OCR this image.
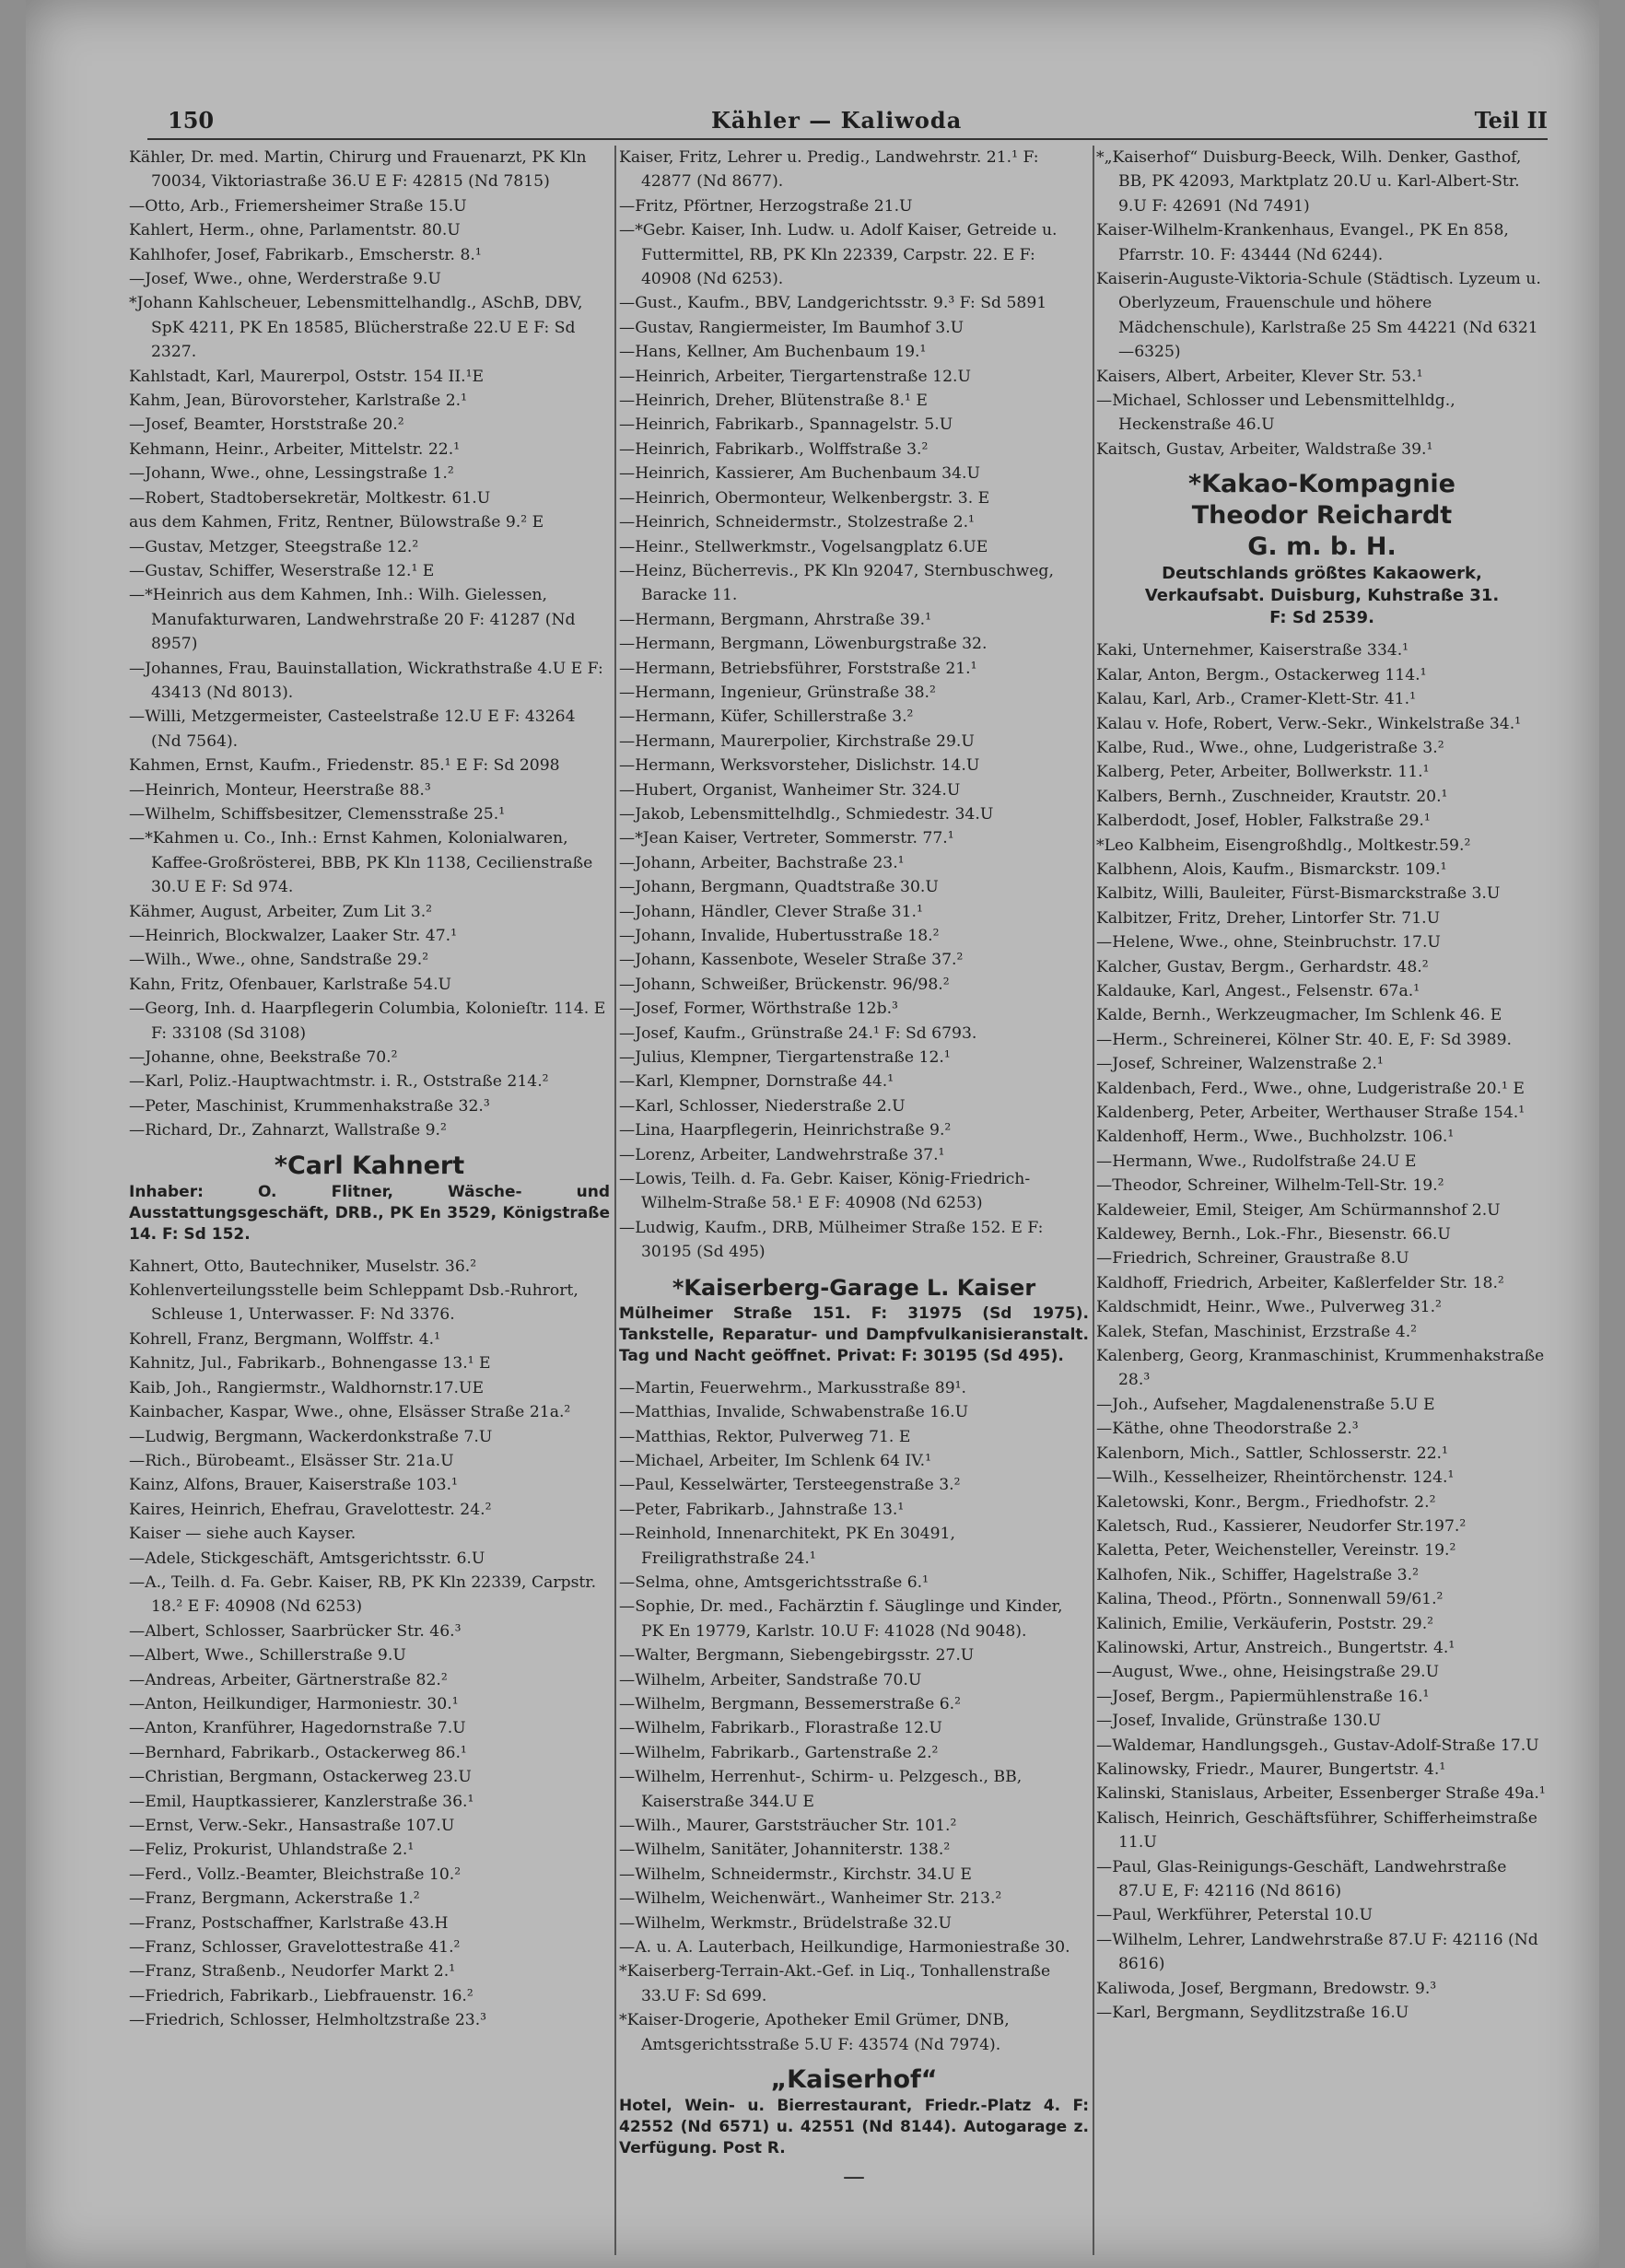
150	Kähler — Kaliwoda	Teil II

Kähler, Dr. med. Martin, Chirurg und Frauenarzt, PK Kln 70034, Viktoriastraße 36.U E F: 42815 (Nd 7815)

—Otto, Arb., Friemersheimer Straße 15.U

Kahlert, Herm., ohne, Parlamentstr. 80.U

Kahlhofer, Josef, Fabrikarb., Emscherstr. 8.¹

—Josef, Wwe., ohne, Werderstraße 9.U

*Johann Kahlscheuer, Lebensmittelhandlg., ASchB, DBV, SpK 4211, PK En 18585, Blücherstraße 22.U E F: Sd 2327.

Kahlstadt, Karl, Maurerpol, Oststr. 154 II.¹E

Kahm, Jean, Bürovorsteher, Karlstraße 2.¹

—Josef, Beamter, Horststraße 20.²

Kehmann, Heinr., Arbeiter, Mittelstr. 22.¹

—Johann, Wwe., ohne, Lessingstraße 1.²

—Robert, Stadtobersekretär, Moltkestr. 61.U

aus dem Kahmen, Fritz, Rentner, Bülowstraße 9.² E

—Gustav, Metzger, Steegstraße 12.²

—Gustav, Schiffer, Weserstraße 12.¹ E

—*Heinrich aus dem Kahmen, Inh.: Wilh. Gielessen, Manufakturwaren, Landwehrstraße 20 F: 41287 (Nd 8957)

—Johannes, Frau, Bauinstallation, Wickrathstraße 4.U E F: 43413 (Nd 8013).

—Willi, Metzgermeister, Casteelstraße 12.U E F: 43264 (Nd 7564).

Kahmen, Ernst, Kaufm., Friedenstr. 85.¹ E F: Sd 2098

—Heinrich, Monteur, Heerstraße 88.³

—Wilhelm, Schiffsbesitzer, Clemensstraße 25.¹

—*Kahmen u. Co., Inh.: Ernst Kahmen, Kolonialwaren, Kaffee-Großrösterei, BBB, PK Kln 1138, Cecilienstraße 30.U E F: Sd 974.

Kähmer, August, Arbeiter, Zum Lit 3.²

—Heinrich, Blockwalzer, Laaker Str. 47.¹

—Wilh., Wwe., ohne, Sandstraße 29.²

Kahn, Fritz, Ofenbauer, Karlstraße 54.U

—Georg, Inh. d. Haarpflegerin Columbia, Kolonieſtr. 114. E F: 33108 (Sd 3108)

—Johanne, ohne, Beekstraße 70.²

—Karl, Poliz.-Hauptwachtmstr. i. R., Oststraße 214.²

—Peter, Maschinist, Krummenhakstraße 32.³

—Richard, Dr., Zahnarzt, Wallstraße 9.²

*Carl Kahnert
Inhaber: O. Flitner, Wäsche- und Ausstattungsgeschäft, DRB., PK En 3529, Königstraße 14. F: Sd 152.

Kahnert, Otto, Bautechniker, Muselstr. 36.²

Kohlenverteilungsstelle beim Schleppamt Dsb.-Ruhrort, Schleuse 1, Unterwasser. F: Nd 3376.

Kohrell, Franz, Bergmann, Wolffstr. 4.¹

Kahnitz, Jul., Fabrikarb., Bohnengasse 13.¹ E

Kaib, Joh., Rangiermstr., Waldhornstr.17.UE

Kainbacher, Kaspar, Wwe., ohne, Elsässer Straße 21a.²

—Ludwig, Bergmann, Wackerdonkstraße 7.U

—Rich., Bürobeamt., Elsässer Str. 21a.U

Kainz, Alfons, Brauer, Kaiserstraße 103.¹

Kaires, Heinrich, Ehefrau, Gravelottestr. 24.²

Kaiser — siehe auch Kayser.

—Adele, Stickgeschäft, Amtsgerichtsstr. 6.U

—A., Teilh. d. Fa. Gebr. Kaiser, RB, PK Kln 22339, Carpstr. 18.² E F: 40908 (Nd 6253)

—Albert, Schlosser, Saarbrücker Str. 46.³

—Albert, Wwe., Schillerstraße 9.U

—Andreas, Arbeiter, Gärtnerstraße 82.²

—Anton, Heilkundiger, Harmoniestr. 30.¹

—Anton, Kranführer, Hagedornstraße 7.U

—Bernhard, Fabrikarb., Ostackerweg 86.¹

—Christian, Bergmann, Ostackerweg 23.U

—Emil, Hauptkassierer, Kanzlerstraße 36.¹

—Ernst, Verw.-Sekr., Hansastraße 107.U

—Feliz, Prokurist, Uhlandstraße 2.¹

—Ferd., Vollz.-Beamter, Bleichstraße 10.²

—Franz, Bergmann, Ackerstraße 1.²

—Franz, Postschaffner, Karlstraße 43.H

—Franz, Schlosser, Gravelottestraße 41.²

—Franz, Straßenb., Neudorfer Markt 2.¹

—Friedrich, Fabrikarb., Liebfrauenstr. 16.²

—Friedrich, Schlosser, Helmholtzstraße 23.³

Kaiser, Fritz, Lehrer u. Predig., Landwehrstr. 21.¹ F: 42877 (Nd 8677).

—Fritz, Pförtner, Herzogstraße 21.U

—*Gebr. Kaiser, Inh. Ludw. u. Adolf Kaiser, Getreide u. Futtermittel, RB, PK Kln 22339, Carpstr. 22. E F: 40908 (Nd 6253).

—Gust., Kaufm., BBV, Landgerichtsstr. 9.³ F: Sd 5891

—Gustav, Rangiermeister, Im Baumhof 3.U

—Hans, Kellner, Am Buchenbaum 19.¹

—Heinrich, Arbeiter, Tiergartenstraße 12.U

—Heinrich, Dreher, Blütenstraße 8.¹ E

—Heinrich, Fabrikarb., Spannagelstr. 5.U

—Heinrich, Fabrikarb., Wolffstraße 3.²

—Heinrich, Kassierer, Am Buchenbaum 34.U

—Heinrich, Obermonteur, Welkenbergstr. 3. E

—Heinrich, Schneidermstr., Stolzestraße 2.¹

—Heinr., Stellwerkmstr., Vogelsangplatz 6.UE

—Heinz, Bücherrevis., PK Kln 92047, Sternbuschweg, Baracke 11.

—Hermann, Bergmann, Ahrstraße 39.¹

—Hermann, Bergmann, Löwenburgstraße 32.

—Hermann, Betriebsführer, Forststraße 21.¹

—Hermann, Ingenieur, Grünstraße 38.²

—Hermann, Küfer, Schillerstraße 3.²

—Hermann, Maurerpolier, Kirchstraße 29.U

—Hermann, Werksvorsteher, Dislichstr. 14.U

—Hubert, Organist, Wanheimer Str. 324.U

—Jakob, Lebensmittelhdlg., Schmiedestr. 34.U

—*Jean Kaiser, Vertreter, Sommerstr. 77.¹

—Johann, Arbeiter, Bachstraße 23.¹

—Johann, Bergmann, Quadtstraße 30.U

—Johann, Händler, Clever Straße 31.¹

—Johann, Invalide, Hubertusstraße 18.²

—Johann, Kassenbote, Weseler Straße 37.²

—Johann, Schweißer, Brückenstr. 96/98.²

—Josef, Former, Wörthstraße 12b.³

—Josef, Kaufm., Grünstraße 24.¹ F: Sd 6793.

—Julius, Klempner, Tiergartenstraße 12.¹

—Karl, Klempner, Dornstraße 44.¹

—Karl, Schlosser, Niederstraße 2.U

—Lina, Haarpflegerin, Heinrichstraße 9.²

—Lorenz, Arbeiter, Landwehrstraße 37.¹

—Lowis, Teilh. d. Fa. Gebr. Kaiser, König-Friedrich-Wilhelm-Straße 58.¹ E F: 40908 (Nd 6253)

—Ludwig, Kaufm., DRB, Mülheimer Straße 152. E F: 30195 (Sd 495)

*Kaiserberg-Garage L. Kaiser
Mülheimer Straße 151. F: 31975 (Sd 1975). Tankstelle, Reparatur- und Dampfvulkanisieranstalt. Tag und Nacht geöffnet. Privat: F: 30195 (Sd 495).

—Martin, Feuerwehrm., Markusstraße 89¹.

—Matthias, Invalide, Schwabenstraße 16.U

—Matthias, Rektor, Pulverweg 71. E

—Michael, Arbeiter, Im Schlenk 64 IV.¹

—Paul, Kesselwärter, Tersteegenstraße 3.²

—Peter, Fabrikarb., Jahnstraße 13.¹

—Reinhold, Innenarchitekt, PK En 30491, Freiligrathstraße 24.¹

—Selma, ohne, Amtsgerichtsstraße 6.¹

—Sophie, Dr. med., Fachärztin f. Säuglinge und Kinder, PK En 19779, Karlstr. 10.U F: 41028 (Nd 9048).

—Walter, Bergmann, Siebengebirgsstr. 27.U

—Wilhelm, Arbeiter, Sandstraße 70.U

—Wilhelm, Bergmann, Bessemerstraße 6.²

—Wilhelm, Fabrikarb., Florastraße 12.U

—Wilhelm, Fabrikarb., Gartenstraße 2.²

—Wilhelm, Herrenhut-, Schirm- u. Pelzgesch., BB, Kaiserstraße 344.U E

—Wilh., Maurer, Garststräucher Str. 101.²

—Wilhelm, Sanitäter, Johanniterstr. 138.²

—Wilhelm, Schneidermstr., Kirchstr. 34.U E

—Wilhelm, Weichenwärt., Wanheimer Str. 213.²

—Wilhelm, Werkmstr., Brüdelstraße 32.U

—A. u. A. Lauterbach, Heilkundige, Harmoniestraße 30.

*Kaiserberg-Terrain-Akt.-Gef. in Liq., Tonhallenstraße 33.U F: Sd 699.

*Kaiser-Drogerie, Apotheker Emil Grümer, DNB, Amtsgerichtsstraße 5.U F: 43574 (Nd 7974).

„Kaiserhof“
Hotel, Wein- u. Bierrestaurant, Friedr.-Platz 4. F: 42552 (Nd 6571) u. 42551 (Nd 8144). Autogarage z. Verfügung. Post R.
—

*„Kaiserhof“ Duisburg-Beeck, Wilh. Denker, Gasthof, BB, PK 42093, Marktplatz 20.U u. Karl-Albert-Str. 9.U F: 42691 (Nd 7491)

Kaiser-Wilhelm-Krankenhaus, Evangel., PK En 858, Pfarrstr. 10. F: 43444 (Nd 6244).

Kaiserin-Auguste-Viktoria-Schule (Städtisch. Lyzeum u. Oberlyzeum, Frauenschule und höhere Mädchenschule), Karlstraße 25 Sm 44221 (Nd 6321—6325)

Kaisers, Albert, Arbeiter, Klever Str. 53.¹

—Michael, Schlosser und Lebensmittelhldg., Heckenstraße 46.U

Kaitsch, Gustav, Arbeiter, Waldstraße 39.¹

*Kakao-Kompagnie
Theodor Reichardt
G. m. b. H.
Deutschlands größtes Kakaowerk,
Verkaufsabt. Duisburg, Kuhstraße 31.
F: Sd 2539.

Kaki, Unternehmer, Kaiserstraße 334.¹

Kalar, Anton, Bergm., Ostackerweg 114.¹

Kalau, Karl, Arb., Cramer-Klett-Str. 41.¹

Kalau v. Hofe, Robert, Verw.-Sekr., Winkelstraße 34.¹

Kalbe, Rud., Wwe., ohne, Ludgeristraße 3.²

Kalberg, Peter, Arbeiter, Bollwerkstr. 11.¹

Kalbers, Bernh., Zuschneider, Krautstr. 20.¹

Kalberdodt, Josef, Hobler, Falkstraße 29.¹

*Leo Kalbheim, Eisengroßhdlg., Moltkestr.59.²

Kalbhenn, Alois, Kaufm., Bismarckstr. 109.¹

Kalbitz, Willi, Bauleiter, Fürst-Bismarckstraße 3.U

Kalbitzer, Fritz, Dreher, Lintorfer Str. 71.U

—Helene, Wwe., ohne, Steinbruchstr. 17.U

Kalcher, Gustav, Bergm., Gerhardstr. 48.²

Kaldauke, Karl, Angest., Felsenstr. 67a.¹

Kalde, Bernh., Werkzeugmacher, Im Schlenk 46. E

—Herm., Schreinerei, Kölner Str. 40. E, F: Sd 3989.

—Josef, Schreiner, Walzenstraße 2.¹

Kaldenbach, Ferd., Wwe., ohne, Ludgeristraße 20.¹ E

Kaldenberg, Peter, Arbeiter, Werthauser Straße 154.¹

Kaldenhoff, Herm., Wwe., Buchholzstr. 106.¹

—Hermann, Wwe., Rudolfstraße 24.U E

—Theodor, Schreiner, Wilhelm-Tell-Str. 19.²

Kaldeweier, Emil, Steiger, Am Schürmannshof 2.U

Kaldewey, Bernh., Lok.-Fhr., Biesenstr. 66.U

—Friedrich, Schreiner, Graustraße 8.U

Kaldhoff, Friedrich, Arbeiter, Kaßlerfelder Str. 18.²

Kaldschmidt, Heinr., Wwe., Pulverweg 31.²

Kalek, Stefan, Maschinist, Erzstraße 4.²

Kalenberg, Georg, Kranmaschinist, Krummenhakstraße 28.³

—Joh., Aufseher, Magdalenenstraße 5.U E

—Käthe, ohne Theodorstraße 2.³

Kalenborn, Mich., Sattler, Schlosserstr. 22.¹

—Wilh., Kesselheizer, Rheintörchenstr. 124.¹

Kaletowski, Konr., Bergm., Friedhofstr. 2.²

Kaletsch, Rud., Kassierer, Neudorfer Str.197.²

Kaletta, Peter, Weichensteller, Vereinstr. 19.²

Kalhofen, Nik., Schiffer, Hagelstraße 3.²

Kalina, Theod., Pförtn., Sonnenwall 59/61.²

Kalinich, Emilie, Verkäuferin, Poststr. 29.²

Kalinowski, Artur, Anstreich., Bungertstr. 4.¹

—August, Wwe., ohne, Heisingstraße 29.U

—Josef, Bergm., Papiermühlenstraße 16.¹

—Josef, Invalide, Grünstraße 130.U

—Waldemar, Handlungsgeh., Gustav-Adolf-Straße 17.U

Kalinowsky, Friedr., Maurer, Bungertstr. 4.¹

Kalinski, Stanislaus, Arbeiter, Essenberger Straße 49a.¹

Kalisch, Heinrich, Geschäftsführer, Schifferheimstraße 11.U

—Paul, Glas-Reinigungs-Geschäft, Landwehrstraße 87.U E, F: 42116 (Nd 8616)

—Paul, Werkführer, Peterstal 10.U

—Wilhelm, Lehrer, Landwehrstraße 87.U F: 42116 (Nd 8616)

Kaliwoda, Josef, Bergmann, Bredowstr. 9.³

—Karl, Bergmann, Seydlitzstraße 16.U
